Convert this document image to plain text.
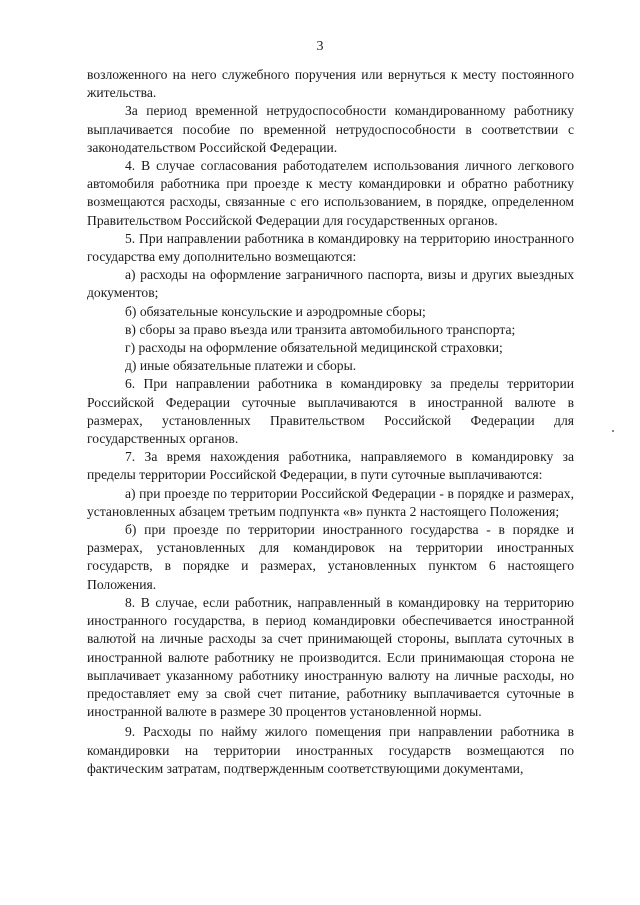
3

возложенного на него служебного поручения или вернуться к месту постоянного жительства.

За период временной нетрудоспособности командированному работнику выплачивается пособие по временной нетрудоспособности в соответствии с законодательством Российской Федерации.

4. В случае согласования работодателем использования личного легкового автомобиля работника при проезде к месту командировки и обратно работнику возмещаются расходы, связанные с его использованием, в порядке, определенном Правительством Российской Федерации для государственных органов.

5. При направлении работника в командировку на территорию иностранного государства ему дополнительно возмещаются:

а) расходы на оформление заграничного паспорта, визы и других выездных документов;

б) обязательные консульские и аэродромные сборы;

в) сборы за право въезда или транзита автомобильного транспорта;

г) расходы на оформление обязательной медицинской страховки;

д) иные обязательные платежи и сборы.

6. При направлении работника в командировку за пределы территории Российской Федерации суточные выплачиваются в иностранной валюте в размерах, установленных Правительством Российской Федерации для государственных органов.

7. За время нахождения работника, направляемого в командировку за пределы территории Российской Федерации, в пути суточные выплачиваются:

а) при проезде по территории Российской Федерации - в порядке и размерах, установленных абзацем третьим подпункта «в» пункта 2 настоящего Положения;

б) при проезде по территории иностранного государства - в порядке и размерах, установленных для командировок на территории иностранных государств, в порядке и размерах, установленных пунктом 6 настоящего Положения.

8. В случае, если работник, направленный в командировку на территорию иностранного государства, в период командировки обеспечивается иностранной валютой на личные расходы за счет принимающей стороны, выплата суточных в иностранной валюте работнику не производится. Если принимающая сторона не выплачивает указанному работнику иностранную валюту на личные расходы, но предоставляет ему за свой счет питание, работнику выплачивается суточные в иностранной валюте в размере 30 процентов установленной нормы.

9. Расходы по найму жилого помещения при направлении работника в командировки на территории иностранных государств возмещаются по фактическим затратам, подтвержденным соответствующими документами,
